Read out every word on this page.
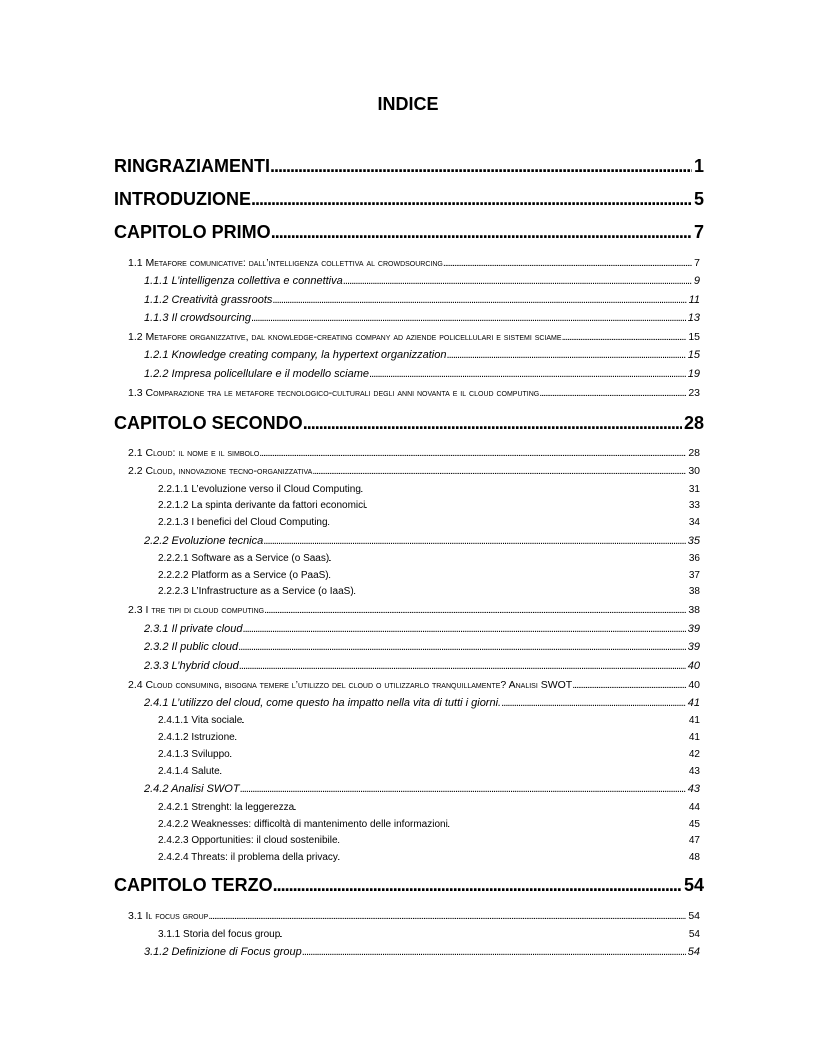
INDICE
RINGRAZIAMENTI . . .	1
INTRODUZIONE . . .	5
CAPITOLO PRIMO . . .	7
1.1 Metafore comunicative: dall’intelligenza collettiva al crowdsourcing . . .	7
1.1.1 L’intelligenza collettiva e connettiva . . .	9
1.1.2 Creatività grassroots . . .	11
1.1.3 Il crowdsourcing . . .	13
1.2 Metafore organizzative, dal knowledge-creating company ad aziende policellulari e sistemi sciame . . .	15
1.2.1 Knowledge creating company, la hypertext organizzation . . .	15
1.2.2 Impresa policellulare e il modello sciame . . .	19
1.3 Comparazione tra le metafore tecnologico-culturali degli anni novanta e il cloud computing . . .	23
CAPITOLO SECONDO . . .	28
2.1 Cloud: il nome e il simbolo . . .	28
2.2 Cloud, innovazione tecno-organizzativa . . .	30
2.2.1.1 L’evoluzione verso il Cloud Computing . . .	31
2.2.1.2 La spinta derivante da fattori economici . . .	33
2.2.1.3 I benefici del Cloud Computing . . .	34
2.2.2 Evoluzione tecnica . . .	35
2.2.2.1 Software as a Service (o Saas) . . .	36
2.2.2.2 Platform as a Service (o PaaS) . . .	37
2.2.2.3 L’Infrastructure as a Service (o IaaS) . . .	38
2.3 I tre tipi di cloud computing . . .	38
2.3.1 Il private cloud . . .	39
2.3.2 Il public cloud . . .	39
2.3.3 L’hybrid cloud . . .	40
2.4 Cloud consuming, bisogna temere l’utilizzo del cloud o utilizzarlo tranquillamente? Analisi SWOT . . .	40
2.4.1 L’utilizzo del cloud, come questo ha impatto nella vita di tutti i giorni. . . .	41
2.4.1.1 Vita sociale . . .	41
2.4.1.2 Istruzione . . .	41
2.4.1.3 Sviluppo . . .	42
2.4.1.4 Salute . . .	43
2.4.2 Analisi SWOT . . .	43
2.4.2.1 Strenght: la leggerezza . . .	44
2.4.2.2 Weaknesses: difficoltà di mantenimento delle informazioni . . .	45
2.4.2.3 Opportunities: il cloud sostenibile . . .	47
2.4.2.4 Threats: il problema della privacy . . .	48
CAPITOLO TERZO . . .	54
3.1 Il focus group . . .	54
3.1.1 Storia del focus group . . .	54
3.1.2 Definizione di Focus group . . .	54
